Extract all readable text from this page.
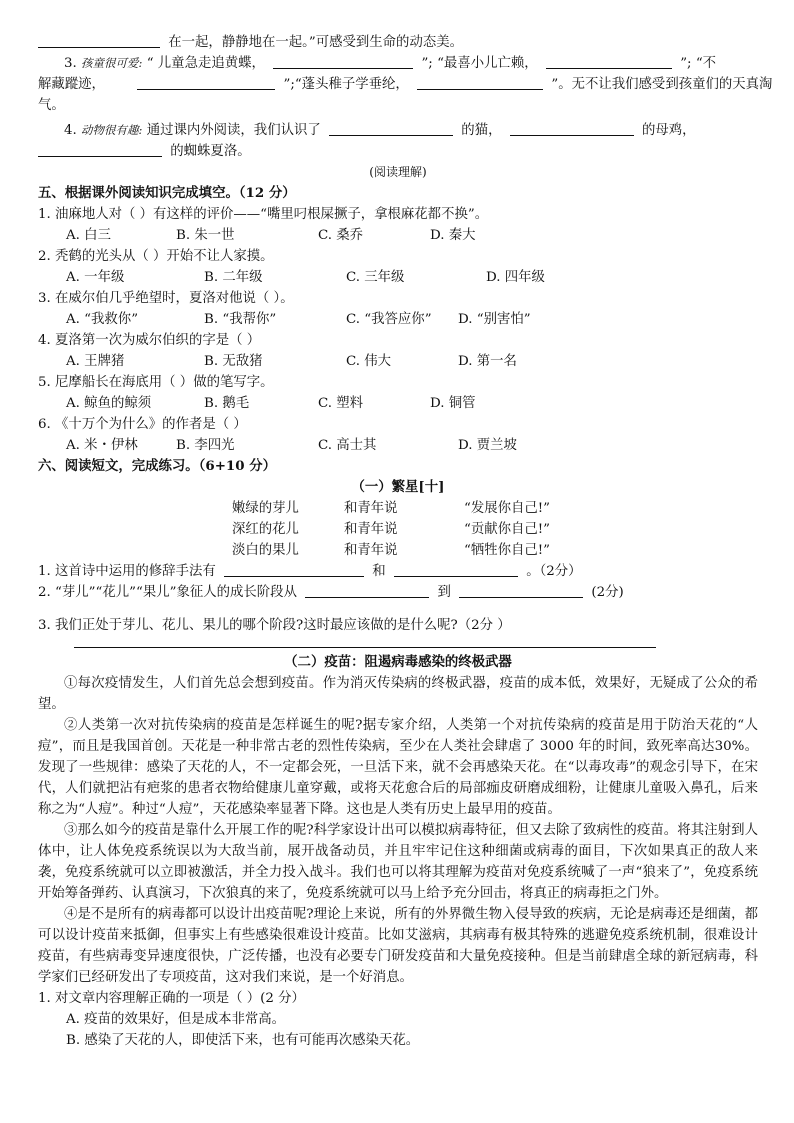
在一起，静静地在一起。”可感受到生命的动态美。
3. 孩童很可爱: “ 儿童急走追黄蝶，	”; “最喜小儿亡赖，	”; “不
解藏蹤迹，	”;“蓬头稚子学垂纶，	”。无不让我们感受到孩童们的天真淘
气。
4. 动物很有趣: 通过课内外阅读，我们认识了	的猫，	的母鸡，
的蜘蛛夏洛。
(阅读理解)
五、根据课外阅读知识完成填空。（12 分）
1. 油麻地人对（ ）有这样的评价——“嘴里叼根屎撅子，拿根麻花都不换”。
A. 白三	B. 朱一世	C. 桑乔	D. 秦大
2. 秃鹤的光头从（ ）开始不让人家摸。
A. 一年级	B. 二年级	C. 三年级	D. 四年级
3. 在威尔伯几乎绝望时，夏洛对他说（ ）。
A. “我救你”	B. “我帮你”	C. “我答应你” D. “别害怕”
4. 夏洛第一次为威尔伯织的字是（ ）
A. 王牌猪	B. 无敌猪	C. 伟大	D. 第一名
5. 尼摩船长在海底用（ ）做的笔写字。
A. 鲸鱼的鲸须	B. 鹅毛	C. 塑料	D. 铜管
6. 《十万个为什么》的作者是（ ）
A. 米・伊林	B. 李四光	C. 高士其	D. 贾兰坡
六、阅读短文，完成练习。（6+10 分）
（一）繁星[十]
嫩绿的芽儿	和青年说	“发展你自己!”
深红的花儿	和青年说	“贡献你自己!”
淡白的果儿	和青年说	“牺牲你自己!”
1. 这首诗中运用的修辞手法有	和	。（2分）
2. “芽儿”“花儿”“果儿”象征人的成长阶段从	到	(2分)
3. 我们正处于芽儿、花儿、果儿的哪个阶段?这时最应该做的是什么呢?（2分 ）
（二）疫苗：阻遏病毒感染的终极武器
①每次疫情发生，人们首先总会想到疫苗。作为消灭传染病的终极武器，疫苗的成本低，效果好，无疑成了公众的希望。
②人类第一次对抗传染病的疫苗是怎样诞生的呢?据专家介绍，人类第一个对抗传染病的疫苗是用于防治天花的“人痘”，而且是我国首创。天花是一种非常古老的烈性传染病，至少在人类社会肆虐了 3000 年的时间，致死率高达30%。发现了一些规律：感染了天花的人，不一定都会死，一旦活下来，就不会再感染天花。在“以毒攻毒”的观念引导下，在宋代，人们就把沾有疤浆的患者衣物给健康儿童穿戴，或将天花愈合后的局部痂皮研磨成细粉，让健康儿童吸入鼻孔，后来称之为“人痘”。种过“人痘”，天花感染率显著下降。这也是人类有历史上最早用的疫苗。
③那么如今的疫苗是靠什么开展工作的呢?科学家设计出可以模拟病毒特征，但又去除了致病性的疫苗。将其注射到人体中，让人体免疫系统误以为大敌当前，展开战备动员，并且牢牢记住这种细菌或病毒的面目，下次如果真正的敌人来袭，免疫系统就可以立即被激活，并全力投入战斗。我们也可以将其理解为疫苗对免疫系统喊了一声“狼来了”，免疫系统开始筹备弹药、认真演习，下次狼真的来了，免疫系统就可以马上给予充分回击，将真正的病毒拒之门外。
④是不是所有的病毒都可以设计出疫苗呢?理论上来说，所有的外界微生物入侵导致的疾病，无论是病毒还是细菌，都可以设计疫苗来抵御，但事实上有些感染很难设计疫苗。比如艾滋病，其病毒有极其特殊的逃避免疫系统机制，很难设计疫苗，有些病毒变异速度很快，广泛传播，也没有必要专门研发疫苗和大量免疫接种。但是当前肆虐全球的新冠病毒，科学家们已经研发出了专项疫苗，这对我们来说，是一个好消息。
1. 对文章内容理解正确的一项是（ ）(2 分）
A. 疫苗的效果好，但是成本非常高。
B. 感染了天花的人，即使活下来，也有可能再次感染天花。
